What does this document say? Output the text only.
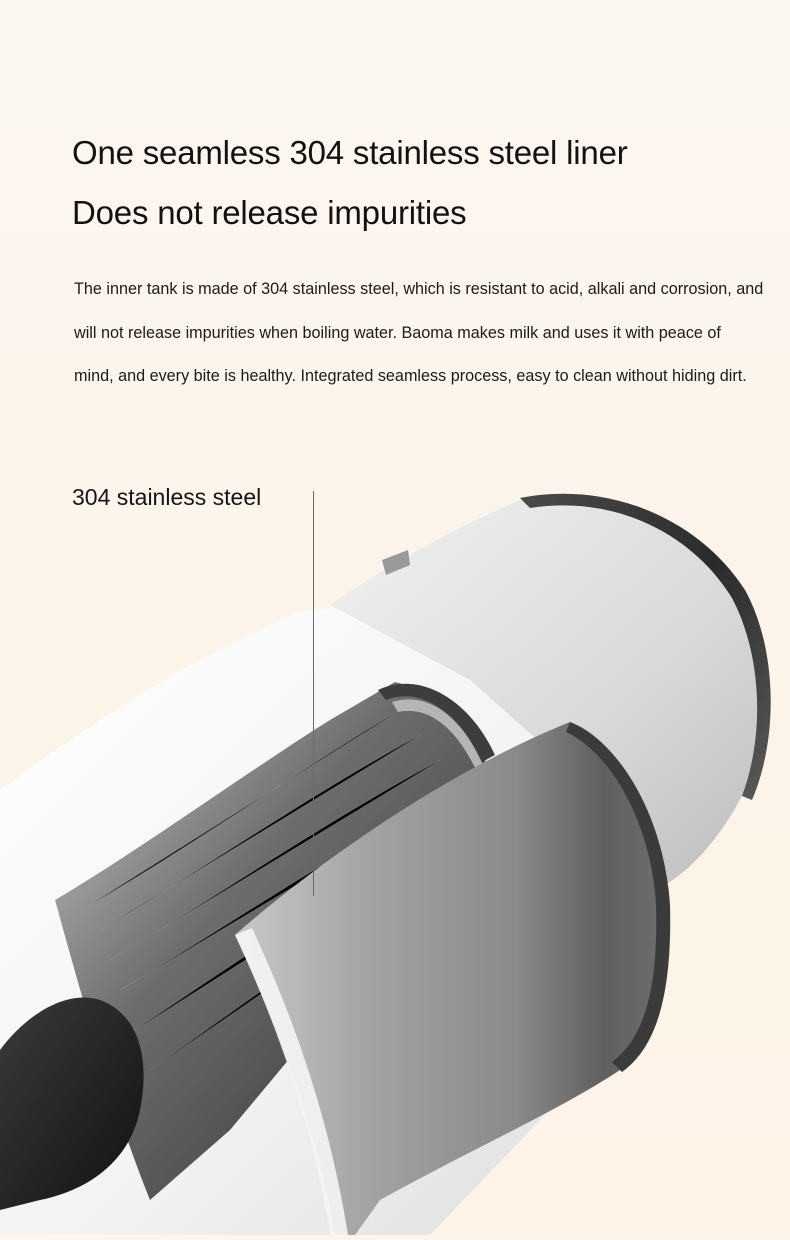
One seamless 304 stainless steel liner
Does not release impurities

The inner tank is made of 304 stainless steel, which is resistant to acid, alkali and corrosion, and will not release impurities when boiling water. Baoma makes milk and uses it with peace of mind, and every bite is healthy. Integrated seamless process, easy to clean without hiding dirt.

304 stainless steel
